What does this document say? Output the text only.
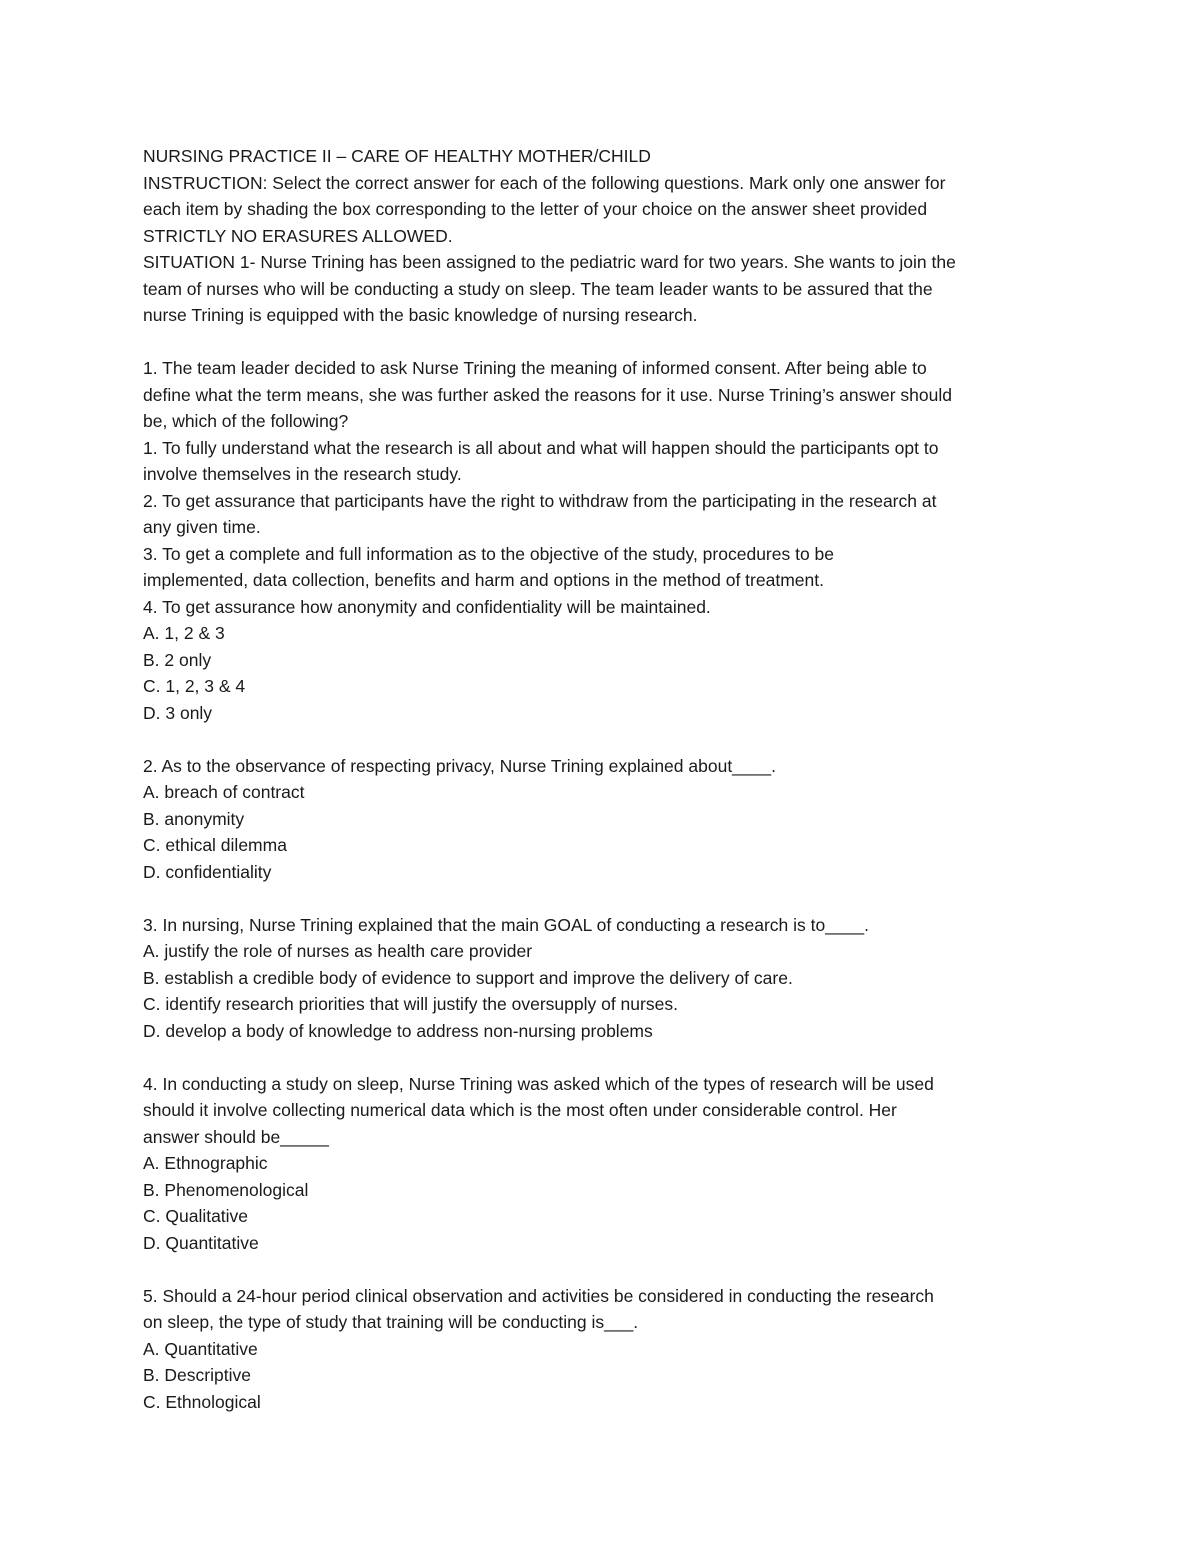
NURSING PRACTICE II – CARE OF HEALTHY MOTHER/CHILD
INSTRUCTION: Select the correct answer for each of the following questions. Mark only one answer for
each item by shading the box corresponding to the letter of your choice on the answer sheet provided
STRICTLY NO ERASURES ALLOWED.
SITUATION 1- Nurse Trining has been assigned to the pediatric ward for two years. She wants to join the
team of nurses who will be conducting a study on sleep. The team leader wants to be assured that the
nurse Trining is equipped with the basic knowledge of nursing research.
1. The team leader decided to ask Nurse Trining the meaning of informed consent. After being able to
define what the term means, she was further asked the reasons for it use. Nurse Trining’s answer should
be, which of the following?
1. To fully understand what the research is all about and what will happen should the participants opt to
involve themselves in the research study.
2. To get assurance that participants have the right to withdraw from the participating in the research at
any given time.
3. To get a complete and full information as to the objective of the study, procedures to be
implemented, data collection, benefits and harm and options in the method of treatment.
4. To get assurance how anonymity and confidentiality will be maintained.
A. 1, 2 & 3
B. 2 only
C. 1, 2, 3 & 4
D. 3 only
2. As to the observance of respecting privacy, Nurse Trining explained about____.
A. breach of contract
B. anonymity
C. ethical dilemma
D. confidentiality
3. In nursing, Nurse Trining explained that the main GOAL of conducting a research is to____.
A. justify the role of nurses as health care provider
B. establish a credible body of evidence to support and improve the delivery of care.
C. identify research priorities that will justify the oversupply of nurses.
D. develop a body of knowledge to address non-nursing problems
4. In conducting a study on sleep, Nurse Trining was asked which of the types of research will be used
should it involve collecting numerical data which is the most often under considerable control. Her
answer should be_____
A. Ethnographic
B. Phenomenological
C. Qualitative
D. Quantitative
5. Should a 24-hour period clinical observation and activities be considered in conducting the research
on sleep, the type of study that training will be conducting is___.
A. Quantitative
B. Descriptive
C. Ethnological
